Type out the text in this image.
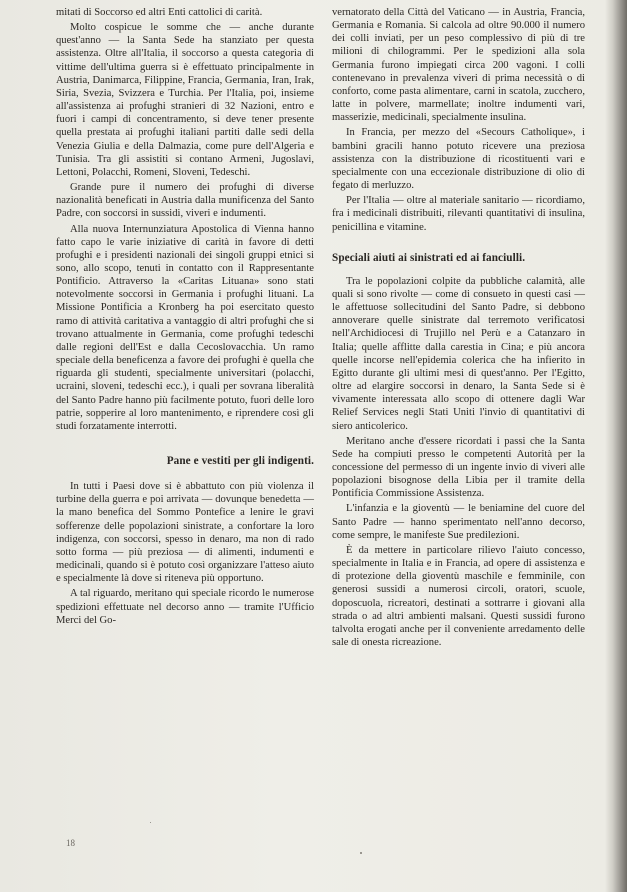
mitati di Soccorso ed altri Enti cattolici di carità.

Molto cospicue le somme che — anche durante quest'anno — la Santa Sede ha stanziato per questa assistenza. Oltre all'Italia, il soccorso a questa categoria di vittime dell'ultima guerra si è effettuato principalmente in Austria, Danimarca, Filippine, Francia, Germania, Iran, Irak, Siria, Svezia, Svizzera e Turchia. Per l'Italia, poi, insieme all'assistenza ai profughi stranieri di 32 Nazioni, entro e fuori i campi di concentramento, si deve tener presente quella prestata ai profughi italiani partiti dalle sedi della Venezia Giulia e della Dalmazia, come pure dell'Algeria e Tunisia. Tra gli assistiti si contano Armeni, Jugoslavi, Lettoni, Polacchi, Romeni, Sloveni, Tedeschi.

Grande pure il numero dei profughi di diverse nazionalità beneficati in Austria dalla munificenza del Santo Padre, con soccorsi in sussidi, viveri e indumenti.

Alla nuova Internunziatura Apostolica di Vienna hanno fatto capo le varie iniziative di carità in favore di detti profughi e i presidenti nazionali dei singoli gruppi etnici si sono, allo scopo, tenuti in contatto con il Rappresentante Pontificio. Attraverso la «Caritas Lituana» sono stati notevolmente soccorsi in Germania i profughi lituani. La Missione Pontificia a Kronberg ha poi esercitato questo ramo di attività caritativa a vantaggio di altri profughi che si trovano attualmente in Germania, come profughi tedeschi dalle regioni dell'Est e dalla Cecoslovacchia. Un ramo speciale della beneficenza a favore dei profughi è quella che riguarda gli studenti, specialmente universitari (polacchi, ucraini, sloveni, tedeschi ecc.), i quali per sovrana liberalità del Santo Padre hanno più facilmente potuto, fuori delle loro patrie, sopperire al loro mantenimento, e riprendere così gli studi forzatamente interrotti.

Pane e vestiti per gli indigenti.

In tutti i Paesi dove si è abbattuto con più violenza il turbine della guerra e poi arrivata — dovunque benedetta — la mano benefica del Sommo Pontefice a lenire le gravi sofferenze delle popolazioni sinistrate, a confortare la loro indigenza, con soccorsi, spesso in denaro, ma non di rado sotto forma — più preziosa — di alimenti, indumenti e medicinali, quando si è potuto così organizzare l'atteso aiuto e specialmente là dove si riteneva più opportuno.

A tal riguardo, meritano qui speciale ricordo le numerose spedizioni effettuate nel decorso anno — tramite l'Ufficio Merci del Go-

vernatorato della Città del Vaticano — in Austria, Francia, Germania e Romania. Si calcola ad oltre 90.000 il numero dei colli inviati, per un peso complessivo di più di tre milioni di chilogrammi. Per le spedizioni alla sola Germania furono impiegati circa 200 vagoni. I colli contenevano in prevalenza viveri di prima necessità o di conforto, come pasta alimentare, carni in scatola, zucchero, latte in polvere, marmellate; inoltre indumenti vari, masserizie, medicinali, specialmente insulina.

In Francia, per mezzo del «Secours Catholique», i bambini gracili hanno potuto ricevere una preziosa assistenza con la distribuzione di ricostituenti vari e specialmente con una eccezionale distribuzione di olio di fegato di merluzzo.

Per l'Italia — oltre al materiale sanitario — ricordiamo, fra i medicinali distribuiti, rilevanti quantitativi di insulina, penicillina e vitamine.

Speciali aiuti ai sinistrati ed ai fanciulli.

Tra le popolazioni colpite da pubbliche calamità, alle quali si sono rivolte — come di consueto in questi casi — le affettuose sollecitudini del Santo Padre, si debbono annoverare quelle sinistrate dal terremoto verificatosi nell'Archidiocesi di Trujillo nel Perù e a Catanzaro in Italia; quelle afflitte dalla carestia in Cina; e più ancora quelle incorse nell'epidemia colerica che ha infierito in Egitto durante gli ultimi mesi di quest'anno. Per l'Egitto, oltre ad elargire soccorsi in denaro, la Santa Sede si è vivamente interessata allo scopo di ottenere dagli War Relief Services negli Stati Uniti l'invio di quantitativi di siero anticolerico.

Meritano anche d'essere ricordati i passi che la Santa Sede ha compiuti presso le competenti Autorità per la concessione del permesso di un ingente invio di viveri alle popolazioni bisognose della Libia per il tramite della Pontificia Commissione Assistenza.

L'infanzia e la gioventù — le beniamine del cuore del Santo Padre — hanno sperimentato nell'anno decorso, come sempre, le manifeste Sue predilezioni.

È da mettere in particolare rilievo l'aiuto concesso, specialmente in Italia e in Francia, ad opere di assistenza e di protezione della gioventù maschile e femminile, con generosi sussidi a numerosi circoli, oratori, scuole, doposcuola, ricreatori, destinati a sottrarre i giovani alla strada o ad altri ambienti malsani. Questi sussidi furono talvolta erogati anche per il conveniente arredamento delle sale di onesta ricreazione.

18
